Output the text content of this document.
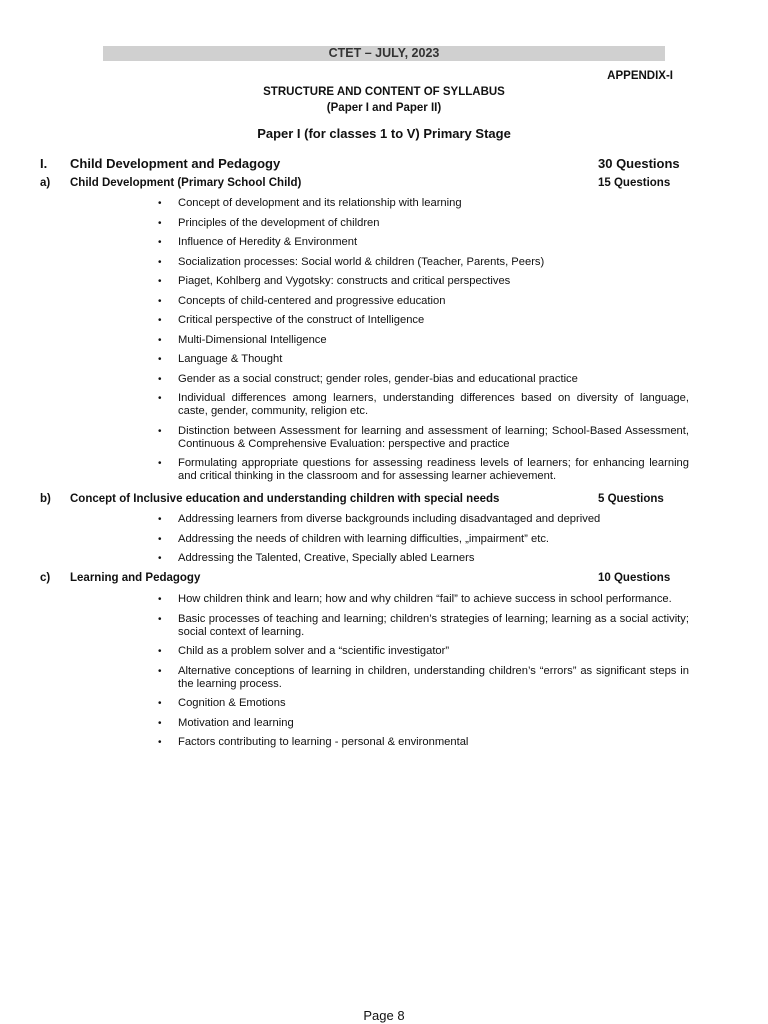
CTET – JULY, 2023
APPENDIX-I
STRUCTURE AND CONTENT OF SYLLABUS
(Paper I and Paper II)
Paper I (for classes 1 to V) Primary Stage
I. Child Development and Pedagogy	30 Questions
a) Child Development (Primary School Child)	15 Questions
• Concept of development and its relationship with learning
• Principles of the development of children
• Influence of Heredity & Environment
• Socialization processes: Social world & children (Teacher, Parents, Peers)
• Piaget, Kohlberg and Vygotsky: constructs and critical perspectives
• Concepts of child-centered and progressive education
• Critical perspective of the construct of Intelligence
• Multi-Dimensional Intelligence
• Language & Thought
• Gender as a social construct; gender roles, gender-bias and educational practice
• Individual differences among learners, understanding differences based on diversity of language, caste, gender, community, religion etc.
• Distinction between Assessment for learning and assessment of learning; School-Based Assessment, Continuous & Comprehensive Evaluation: perspective and practice
• Formulating appropriate questions for assessing readiness levels of learners; for enhancing learning and critical thinking in the classroom and for assessing learner achievement.
b) Concept of Inclusive education and understanding children with special needs	5 Questions
• Addressing learners from diverse backgrounds including disadvantaged and deprived
• Addressing the needs of children with learning difficulties, „impairment” etc.
• Addressing the Talented, Creative, Specially abled Learners
c) Learning and Pedagogy	10 Questions
• How children think and learn; how and why children “fail” to achieve success in school performance.
• Basic processes of teaching and learning; children’s strategies of learning; learning as a social activity; social context of learning.
• Child as a problem solver and a “scientific investigator”
• Alternative conceptions of learning in children, understanding children’s “errors” as significant steps in the learning process.
• Cognition & Emotions
• Motivation and learning
• Factors contributing to learning - personal & environmental
Page 8
